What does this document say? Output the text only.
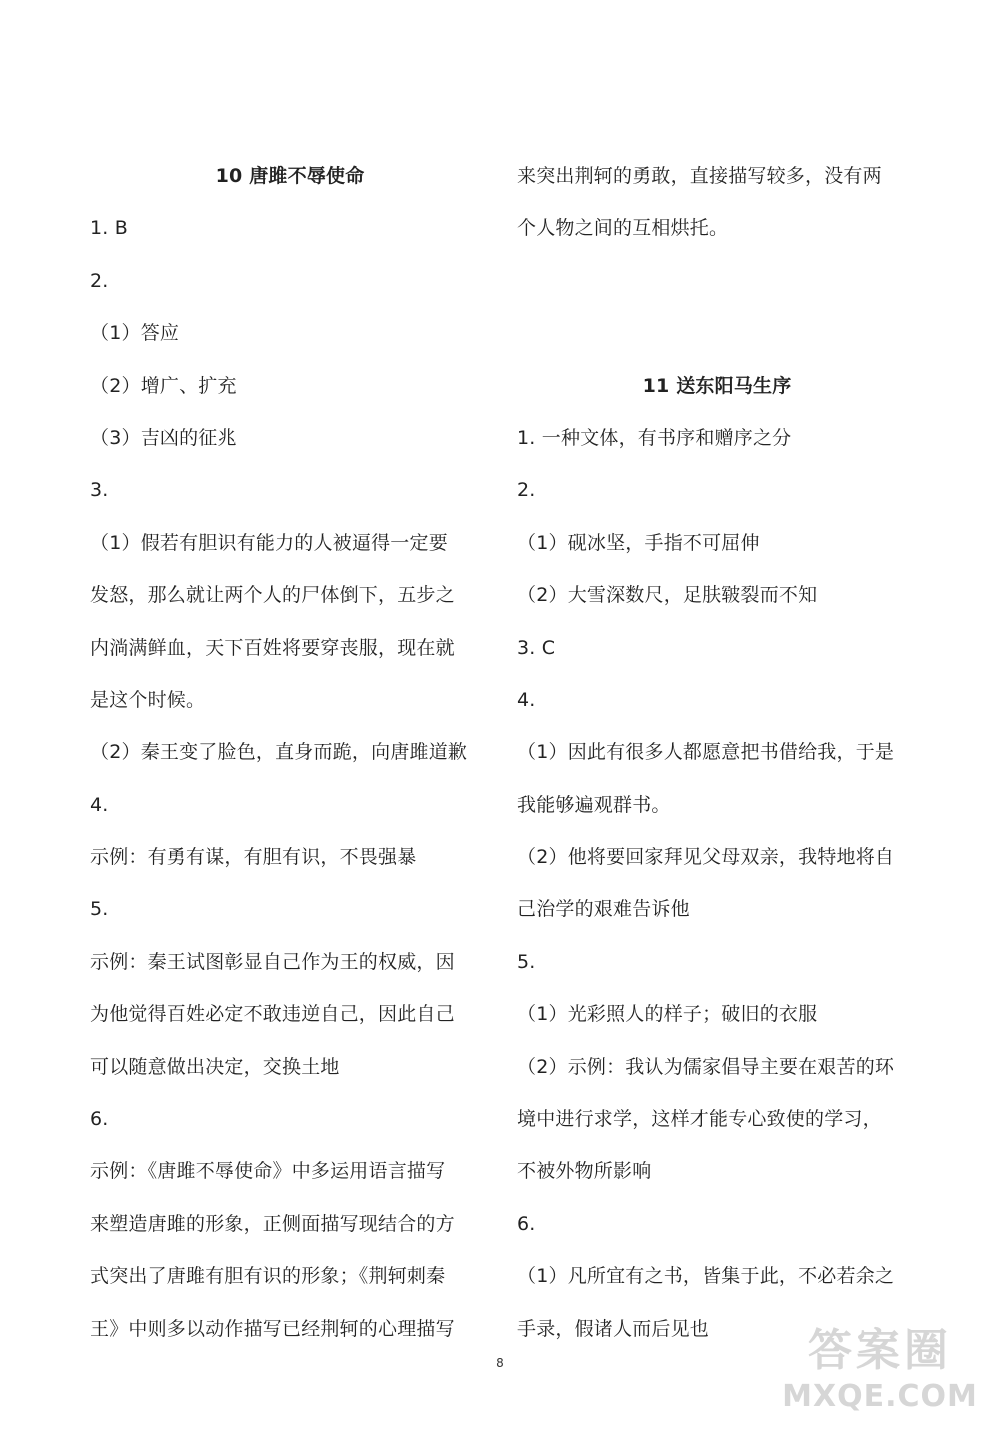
10 唐雎不辱使命
1. B
2.
（1）答应
（2）增广、扩充
（3）吉凶的征兆
3.
（1）假若有胆识有能力的人被逼得一定要
发怒，那么就让两个人的尸体倒下，五步之
内淌满鲜血，天下百姓将要穿丧服，现在就
是这个时候。
（2）秦王变了脸色，直身而跪，向唐雎道歉
4.
示例：有勇有谋，有胆有识，不畏强暴
5.
示例：秦王试图彰显自己作为王的权威，因
为他觉得百姓必定不敢违逆自己，因此自己
可以随意做出决定，交换土地
6.
示例：《唐雎不辱使命》中多运用语言描写
来塑造唐雎的形象，正侧面描写现结合的方
式突出了唐雎有胆有识的形象；《荆轲刺秦
王》中则多以动作描写已经荆轲的心理描写
来突出荆轲的勇敢，直接描写较多，没有两
个人物之间的互相烘托。
11 送东阳马生序
1. 一种文体，有书序和赠序之分
2.
（1）砚冰坚，手指不可屈伸
（2）大雪深数尺，足肤皲裂而不知
3. C
4.
（1）因此有很多人都愿意把书借给我，于是
我能够遍观群书。
（2）他将要回家拜见父母双亲，我特地将自
己治学的艰难告诉他
5.
（1）光彩照人的样子；破旧的衣服
（2）示例：我认为儒家倡导主要在艰苦的环
境中进行求学，这样才能专心致使的学习，
不被外物所影响
6.
（1）凡所宜有之书，皆集于此，不必若余之
手录，假诸人而后见也
8	答案圈
MXQE.COM
